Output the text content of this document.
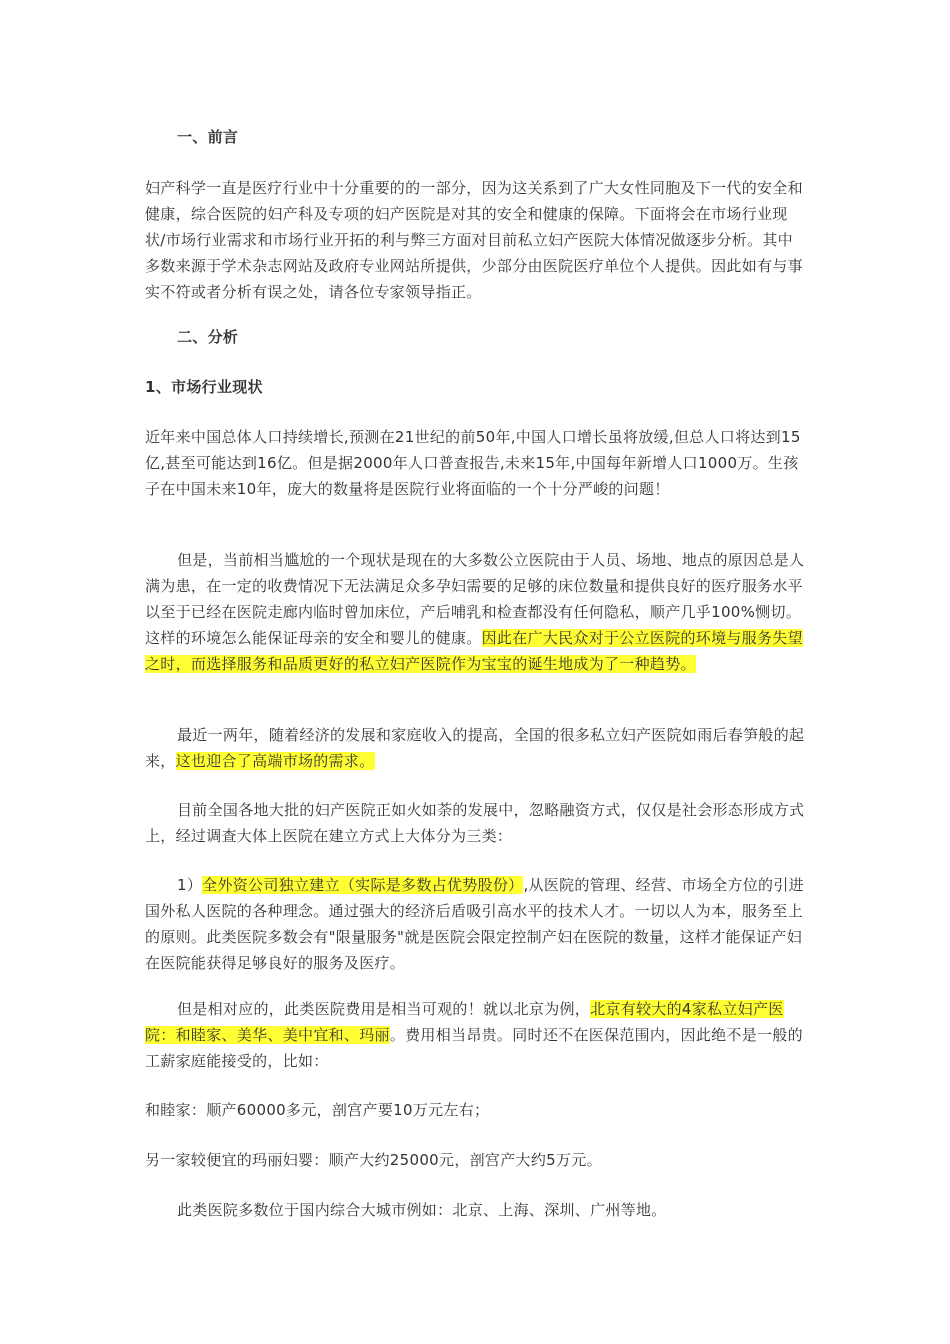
一、前言

妇产科学一直是医疗行业中十分重要的的一部分，因为这关系到了广大女性同胞及下一代的安全和健康，综合医院的妇产科及专项的妇产医院是对其的安全和健康的保障。下面将会在市场行业现状/市场行业需求和市场行业开拓的利与弊三方面对目前私立妇产医院大体情况做逐步分析。其中多数来源于学术杂志网站及政府专业网站所提供，少部分由医院医疗单位个人提供。因此如有与事实不符或者分析有误之处，请各位专家领导指正。

二、分析

1、市场行业现状

近年来中国总体人口持续增长,预测在21世纪的前50年,中国人口增长虽将放缓,但总人口将达到15亿,甚至可能达到16亿。但是据2000年人口普查报告,未来15年,中国每年新增人口1000万。生孩子在中国未来10年，庞大的数量将是医院行业将面临的一个十分严峻的问题！

但是，当前相当尴尬的一个现状是现在的大多数公立医院由于人员、场地、地点的原因总是人满为患，在一定的收费情况下无法满足众多孕妇需要的足够的床位数量和提供良好的医疗服务水平以至于已经在医院走廊内临时曾加床位，产后哺乳和检查都没有任何隐私，顺产几乎100%恻切。这样的环境怎么能保证母亲的安全和婴儿的健康。因此在广大民众对于公立医院的环境与服务失望之时，而选择服务和品质更好的私立妇产医院作为宝宝的诞生地成为了一种趋势。

最近一两年，随着经济的发展和家庭收入的提高，全国的很多私立妇产医院如雨后春笋般的起来，这也迎合了高端市场的需求。

目前全国各地大批的妇产医院正如火如荼的发展中，忽略融资方式，仅仅是社会形态形成方式上，经过调查大体上医院在建立方式上大体分为三类：

1）全外资公司独立建立（实际是多数占优势股份）,从医院的管理、经营、市场全方位的引进国外私人医院的各种理念。通过强大的经济后盾吸引高水平的技术人才。一切以人为本，服务至上的原则。此类医院多数会有"限量服务"就是医院会限定控制产妇在医院的数量，这样才能保证产妇在医院能获得足够良好的服务及医疗。

但是相对应的，此类医院费用是相当可观的！就以北京为例，北京有较大的4家私立妇产医院：和睦家、美华、美中宜和、玛丽。费用相当昂贵。同时还不在医保范围内，因此绝不是一般的工薪家庭能接受的，比如：

和睦家：顺产60000多元，剖宫产要10万元左右；

另一家较便宜的玛丽妇婴：顺产大约25000元，剖宫产大约5万元。

此类医院多数位于国内综合大城市例如：北京、上海、深圳、广州等地。
